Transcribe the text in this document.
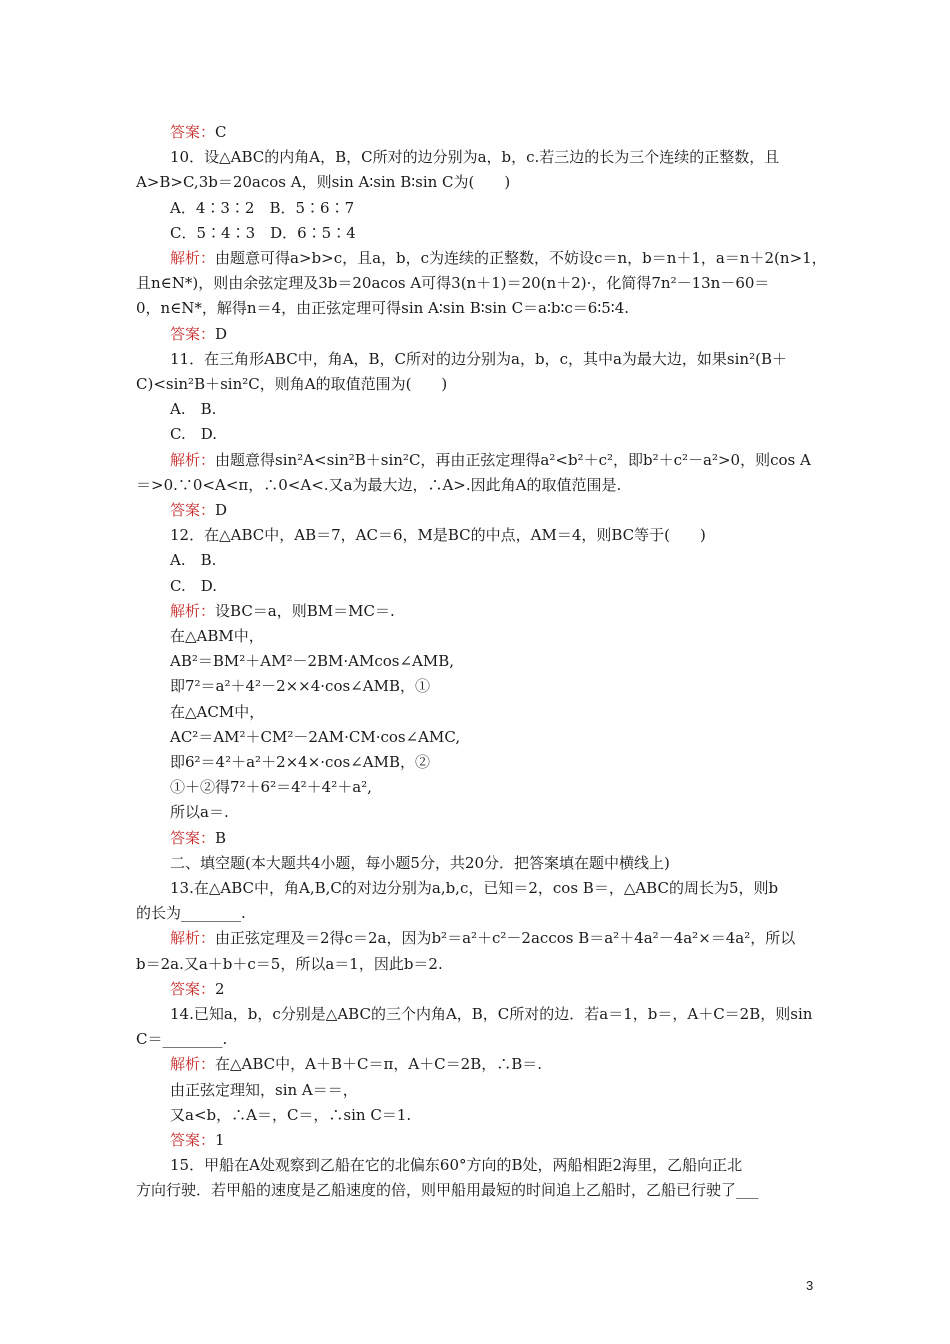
答案：C
10．设△ABC的内角A，B，C所对的边分别为a，b，c.若三边的长为三个连续的正整数，且
A>B>C,3b＝20acos A，则sin A∶sin B∶sin C为(　　)
A．4∶3∶2　B．5∶6∶7
C．5∶4∶3　D．6∶5∶4
解析：由题意可得a>b>c，且a，b，c为连续的正整数，不妨设c＝n，b＝n＋1，a＝n＋2(n>1，
且n∈N*)，则由余弦定理及3b＝20acos A可得3(n＋1)＝20(n＋2)·，化简得7n²－13n－60＝
0，n∈N*，解得n＝4，由正弦定理可得sin A∶sin B∶sin C＝a∶b∶c＝6∶5∶4.
答案：D
11．在三角形ABC中，角A，B，C所对的边分别为a，b，c，其中a为最大边，如果sin²(B＋
C)<sin²B＋sin²C，则角A的取值范围为(　　)
A.　B.
C.　D.
解析：由题意得sin²A<sin²B＋sin²C，再由正弦定理得a²<b²＋c²，即b²＋c²－a²>0，则cos A
＝>0.∵0<A<π，∴0<A<.又a为最大边，∴A>.因此角A的取值范围是.
答案：D
12．在△ABC中，AB＝7，AC＝6，M是BC的中点，AM＝4，则BC等于(　　)
A.　B.
C.　D.
解析：设BC＝a，则BM＝MC＝.
在△ABM中，
AB²＝BM²＋AM²－2BM·AMcos∠AMB,
即7²＝a²＋4²－2××4·cos∠AMB，①
在△ACM中，
AC²＝AM²＋CM²－2AM·CM·cos∠AMC,
即6²＝4²＋a²＋2×4×·cos∠AMB，②
①＋②得7²＋6²＝4²＋4²＋a²,
所以a＝.
答案：B
二、填空题(本大题共4小题，每小题5分，共20分．把答案填在题中横线上)
13.在△ABC中，角A,B,C的对边分别为a,b,c，已知＝2，cos B＝，△ABC的周长为5，则b
的长为________.
解析：由正弦定理及＝2得c＝2a，因为b²＝a²＋c²－2accos B＝a²＋4a²－4a²×＝4a²，所以
b＝2a.又a＋b＋c＝5，所以a＝1，因此b＝2.
答案：2
14.已知a，b，c分别是△ABC的三个内角A，B，C所对的边．若a＝1，b＝，A＋C＝2B，则sin
C＝________.
解析：在△ABC中，A＋B＋C＝π，A＋C＝2B，∴B＝.
由正弦定理知，sin A＝＝，
又a<b，∴A＝，C＝，∴sin C＝1.
答案：1
15．甲船在A处观察到乙船在它的北偏东60°方向的B处，两船相距2海里，乙船向正北
方向行驶．若甲船的速度是乙船速度的倍，则甲船用最短的时间追上乙船时，乙船已行驶了___
3
